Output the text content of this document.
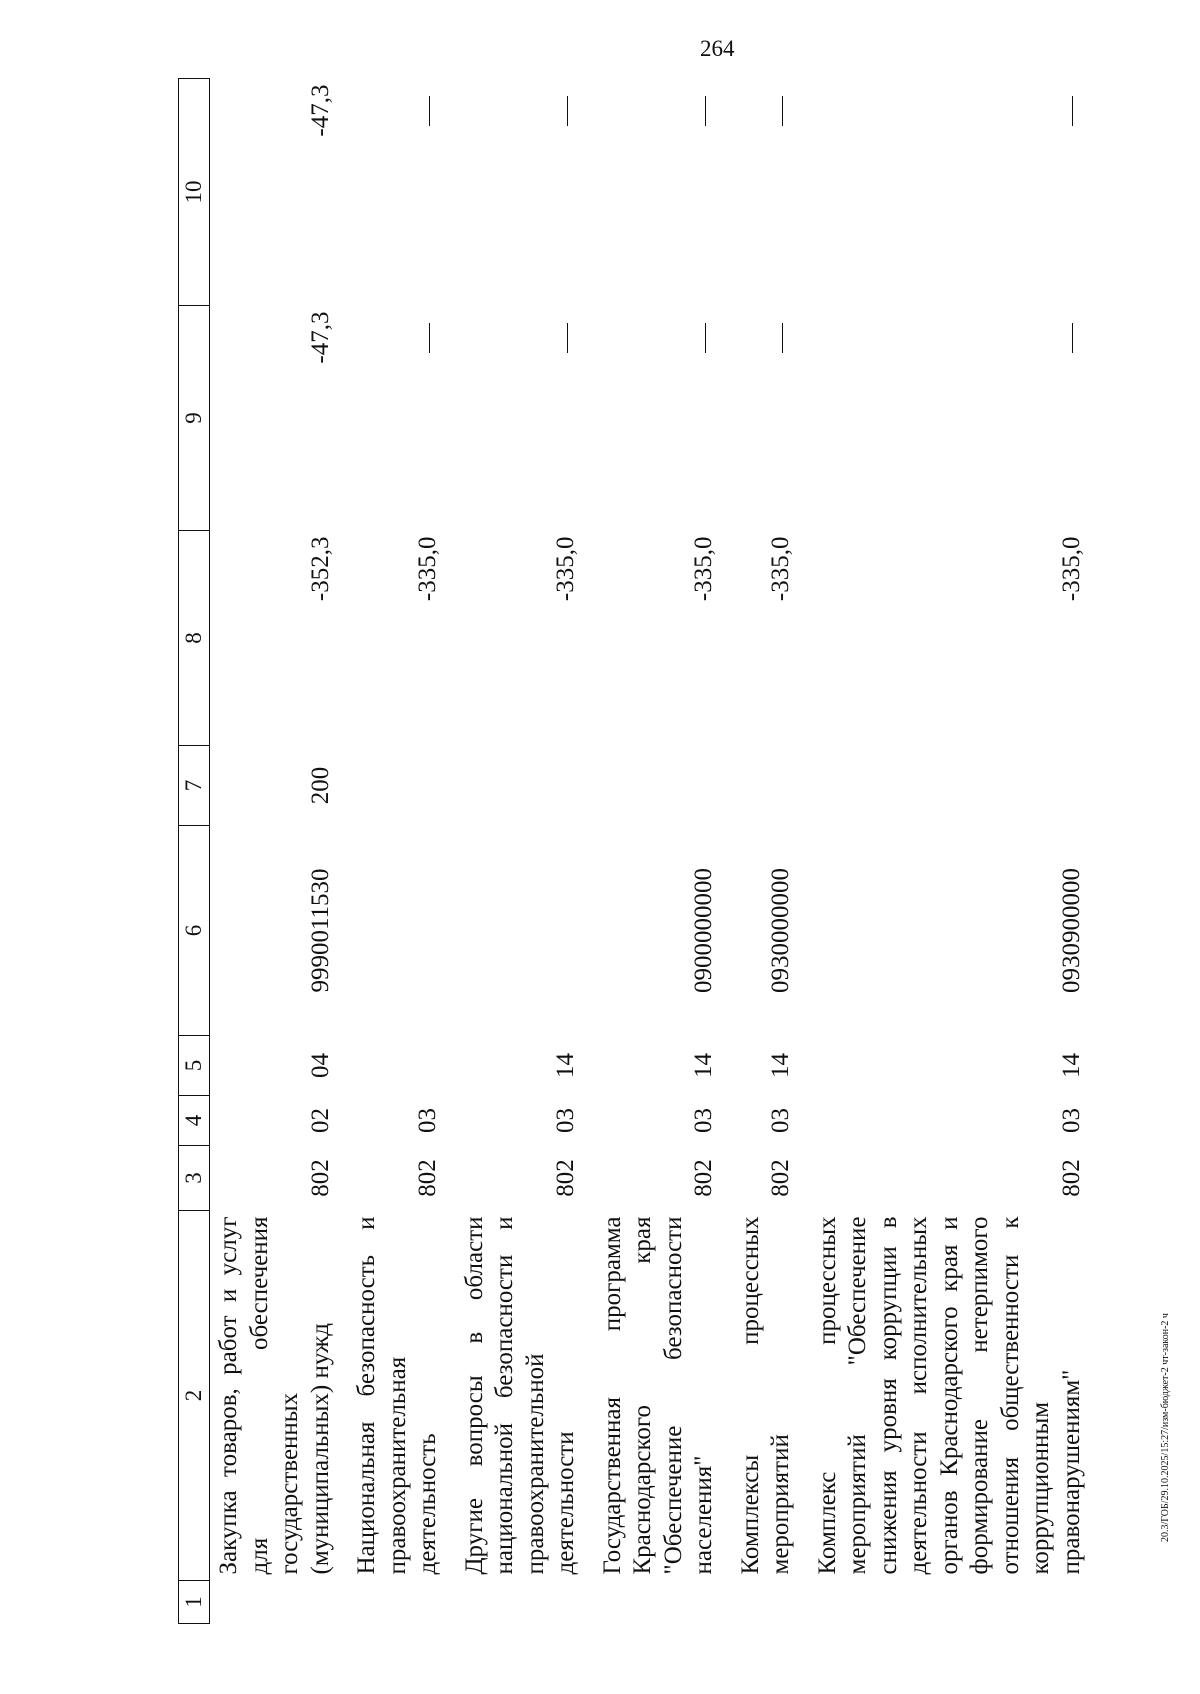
264
20.3/ГОБ/29.10.2025/15:27/изм-бюджет-2 чт-закон-2 ч
1	2	3	4	5	6	7	8	9	10
	Закупка товаров, работ и услуг для обеспечения государственных (муниципальных) нужд	802	02	04	9990011530	200	-352,3	-47,3	-47,3
	Национальная безопасность и правоохранительная деятельность	802	03				-335,0		
	Другие вопросы в области национальной безопасности и правоохранительной деятельности	802	03	14			-335,0		
	Государственная программа Краснодарского края "Обеспечение безопасности населения"	802	03	14	0900000000		-335,0		
	Комплексы процессных мероприятий	802	03	14	0930000000		-335,0		
	Комплекс процессных мероприятий "Обеспечение снижения уровня коррупции в деятельности исполнительных органов Краснодарского края и формирование нетерпимого отношения общественности к коррупционным правонарушениям"	802	03	14	0930900000		-335,0		
